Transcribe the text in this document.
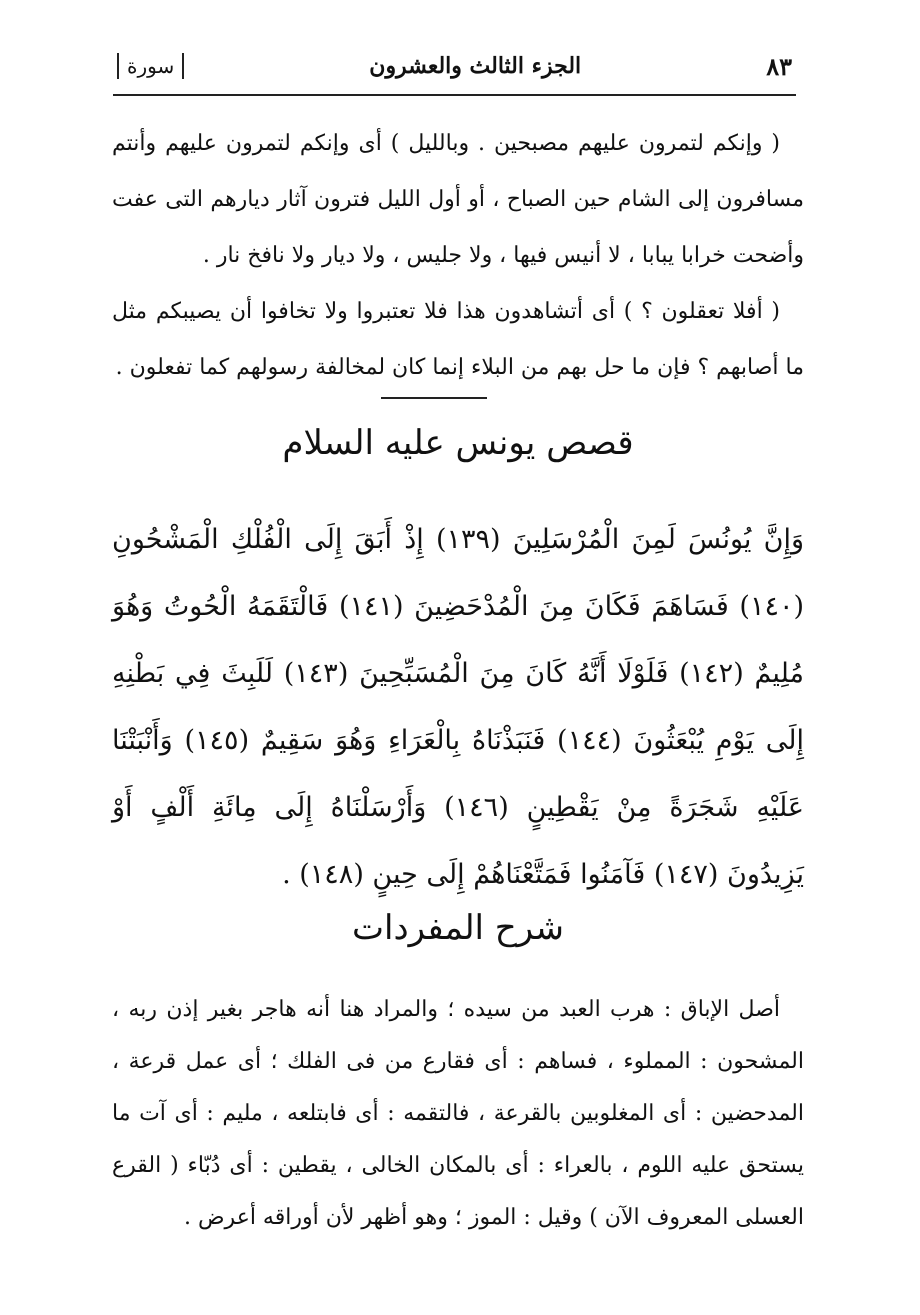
٨٣
الجزء الثالث والعشرون
سورة

( وإنكم لتمرون عليهم مصبحين . وبالليل ) أى وإنكم لتمرون عليهم وأنتم مسافرون إلى الشام حين الصباح ، أو أول الليل فترون آثار ديارهم التى عفت وأضحت خرابا يبابا ، لا أنيس فيها ، ولا جليس ، ولا ديار ولا نافخ نار .

( أفلا تعقلون ؟ ) أى أتشاهدون هذا فلا تعتبروا ولا تخافوا أن يصيبكم مثل ما أصابهم ؟ فإن ما حل بهم من البلاء إنما كان لمخالفة رسولهم كما تفعلون .

قصص يونس عليه السلام
وَإِنَّ يُونُسَ لَمِنَ الْمُرْسَلِينَ (١٣٩) إِذْ أَبَقَ إِلَى الْفُلْكِ الْمَشْحُونِ (١٤٠) فَسَاهَمَ فَكَانَ مِنَ الْمُدْحَضِينَ (١٤١) فَالْتَقَمَهُ الْحُوتُ وَهُوَ مُلِيمٌ (١٤٢) فَلَوْلَا أَنَّهُ كَانَ مِنَ الْمُسَبِّحِينَ (١٤٣) لَلَبِثَ فِي بَطْنِهِ إِلَى يَوْمِ يُبْعَثُونَ (١٤٤) فَنَبَذْنَاهُ بِالْعَرَاءِ وَهُوَ سَقِيمٌ (١٤٥) وَأَنْبَتْنَا عَلَيْهِ شَجَرَةً مِنْ يَقْطِينٍ (١٤٦) وَأَرْسَلْنَاهُ إِلَى مِائَةِ أَلْفٍ أَوْ يَزِيدُونَ (١٤٧) فَآمَنُوا فَمَتَّعْنَاهُمْ إِلَى حِينٍ (١٤٨) .
شرح المفردات

أصل الإباق : هرب العبد من سيده ؛ والمراد هنا أنه هاجر بغير إذن ربه ، المشحون : المملوء ، فساهم : أى فقارع من فى الفلك ؛ أى عمل قرعة ، المدحضين : أى المغلوبين بالقرعة ، فالتقمه : أى فابتلعه ، مليم : أى آت ما يستحق عليه اللوم ، بالعراء : أى بالمكان الخالى ، يقطين : أى دُبّاء ( القرع العسلى المعروف الآن ) وقيل : الموز ؛ وهو أظهر لأن أوراقه أعرض .
